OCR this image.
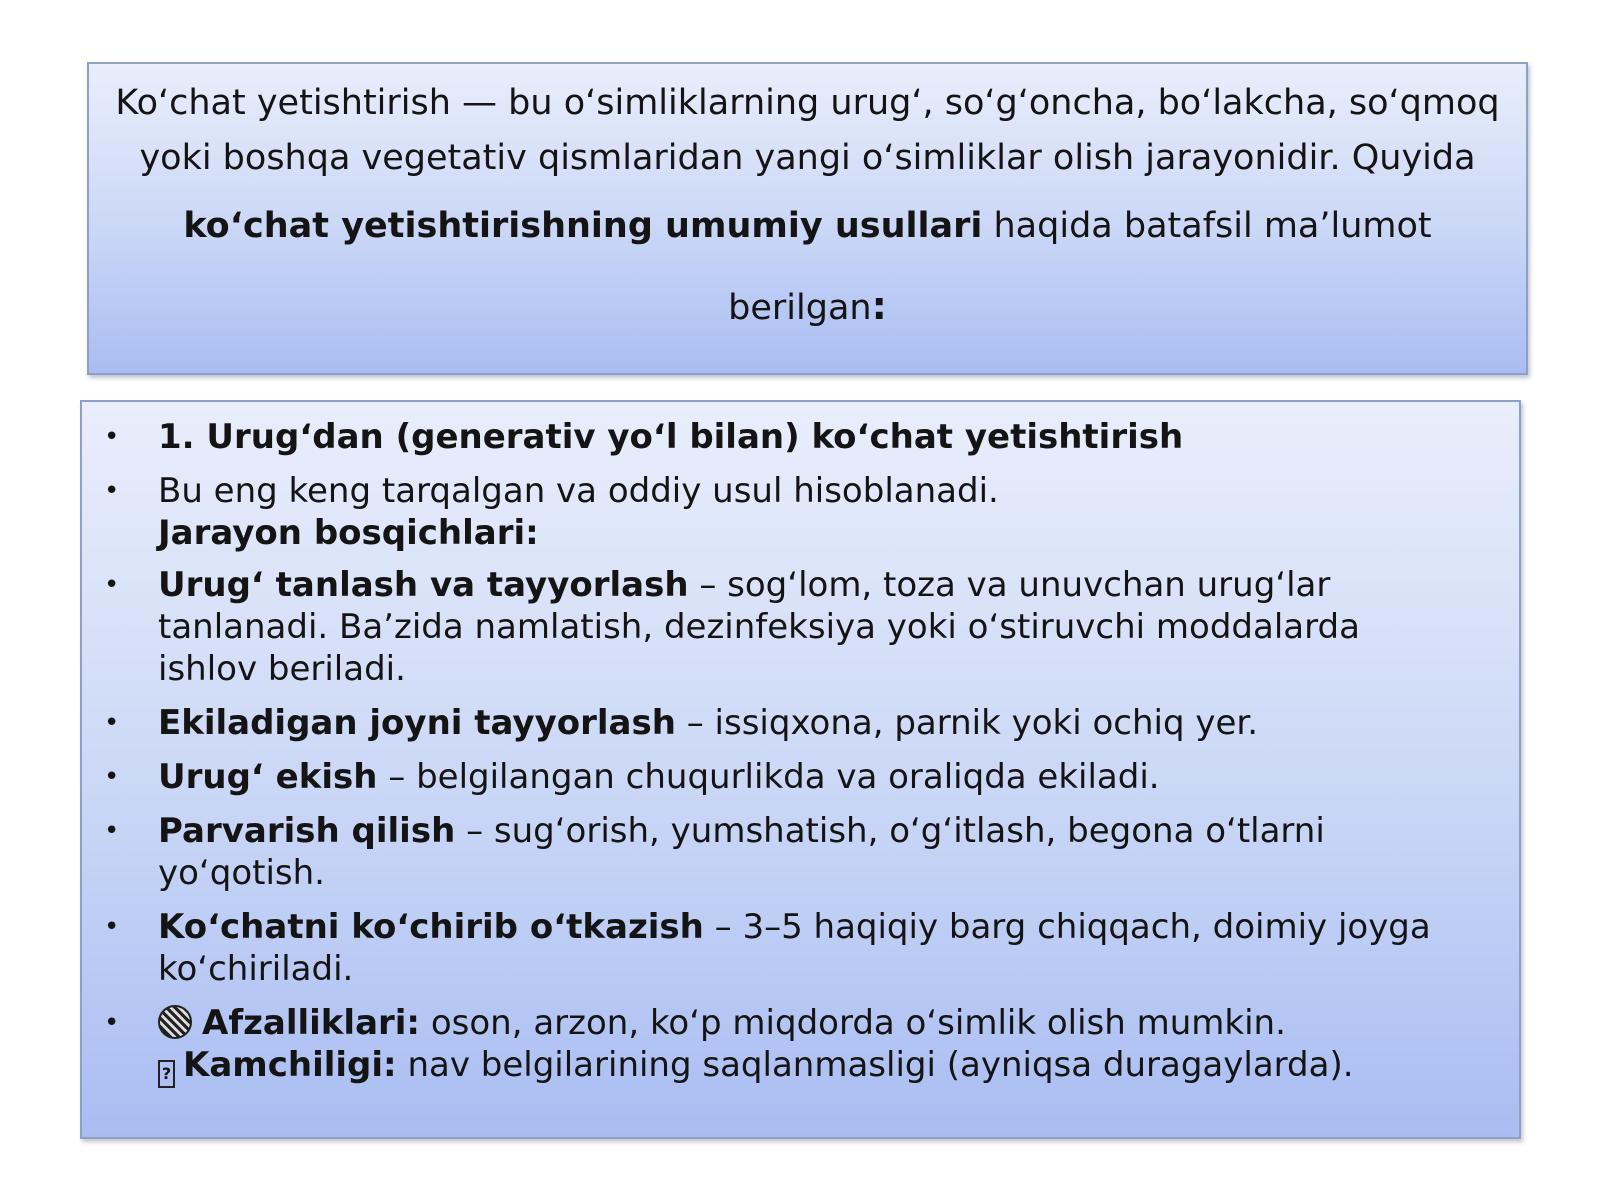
Koʻchat yetishtirish — bu oʻsimliklarning urugʻ, soʻgʻoncha, boʻlakcha, soʻqmoq
yoki boshqa vegetativ qismlaridan yangi oʻsimliklar olish jarayonidir. Quyida
koʻchat yetishtirishning umumiy usullari haqida batafsil maʼlumot berilgan:
• 1. Urugʻdan (generativ yoʻl bilan) koʻchat yetishtirish
• Bu eng keng tarqalgan va oddiy usul hisoblanadi.
Jarayon bosqichlari:
• Urugʻ tanlash va tayyorlash – sogʻlom, toza va unuvchan urugʻlar tanlanadi. Baʼzida namlatish, dezinfeksiya yoki oʻstiruvchi moddalarda ishlov beriladi.
• Ekiladigan joyni tayyorlash – issiqxona, parnik yoki ochiq yer.
• Urugʻ ekish – belgilangan chuqurlikda va oraliqda ekiladi.
• Parvarish qilish – sugʻorish, yumshatish, oʻgʻitlash, begona oʻtlarni yoʻqotish.
• Koʻchatni koʻchirib oʻtkazish – 3–5 haqiqiy barg chiqqach, doimiy joyga koʻchiriladi.
•	Afzalliklari: oson, arzon, koʻp miqdorda oʻsimlik olish mumkin.
? Kamchiligi: nav belgilarining saqlanmasligi (ayniqsa duragaylarda).
